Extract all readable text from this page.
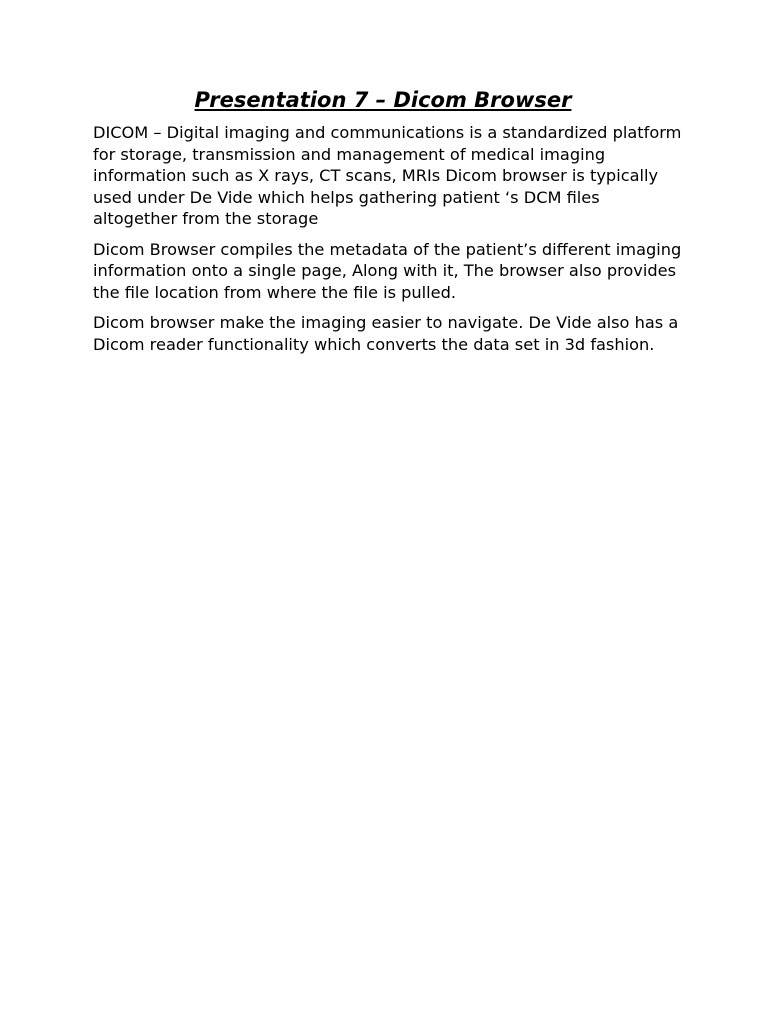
Presentation 7 – Dicom Browser

DICOM – Digital imaging and communications is a standardized platform for storage, transmission and management of medical imaging information such as X rays, CT scans, MRIs Dicom browser is typically used under De Vide which helps gathering patient ‘s DCM files altogether from the storage

Dicom Browser compiles the metadata of the patient’s different imaging information onto a single page, Along with it, The browser also provides the file location from where the file is pulled.

Dicom browser make the imaging easier to navigate. De Vide also has a Dicom reader functionality which converts the data set in 3d fashion.
